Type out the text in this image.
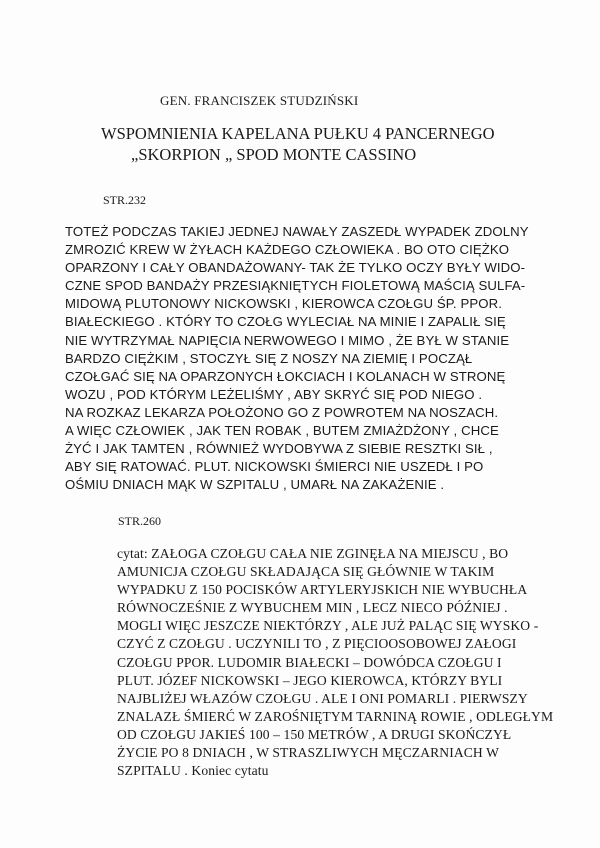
GEN. FRANCISZEK STUDZIŃSKI
WSPOMNIENIA KAPELANA PUŁKU 4 PANCERNEGO
„SKORPION „ SPOD MONTE CASSINO
STR.232
TOTEŻ PODCZAS TAKIEJ JEDNEJ NAWAŁY ZASZEDŁ WYPADEK ZDOLNY
ZMROZIĆ KREW W ŻYŁACH KAŻDEGO CZŁOWIEKA . BO OTO CIĘŻKO
OPARZONY I CAŁY OBANDAŻOWANY- TAK ŻE TYLKO OCZY BYŁY WIDO-
CZNE SPOD BANDAŻY PRZESIĄKNIĘTYCH FIOLETOWĄ MAŚCIĄ SULFA-
MIDOWĄ PLUTONOWY NICKOWSKI , KIEROWCA CZOŁGU ŚP. PPOR.
BIAŁECKIEGO . KTÓRY TO CZOŁG WYLECIAŁ NA MINIE I ZAPALIŁ SIĘ
NIE WYTRZYMAŁ NAPIĘCIA NERWOWEGO I MIMO , ŻE BYŁ W STANIE
BARDZO CIĘŻKIM , STOCZYŁ SIĘ Z NOSZY NA ZIEMIĘ I POCZĄŁ
CZOŁGAĆ SIĘ NA OPARZONYCH ŁOKCIACH I KOLANACH W STRONĘ
WOZU , POD KTÓRYM LEŻELIŚMY , ABY SKRYĆ SIĘ POD NIEGO .
NA ROZKAZ LEKARZA POŁOŻONO GO Z POWROTEM NA NOSZACH.
A WIĘC CZŁOWIEK , JAK TEN ROBAK , BUTEM ZMIAŻDŻONY , CHCE
ŻYĆ I JAK TAMTEN , RÓWNIEŻ WYDOBYWA Z SIEBIE RESZTKI SIŁ ,
ABY SIĘ RATOWAĆ. PLUT. NICKOWSKI ŚMIERCI NIE USZEDŁ I PO
OŚMIU DNIACH MĄK W SZPITALU , UMARŁ NA ZAKAŻENIE .
STR.260
cytat: ZAŁOGA CZOŁGU CAŁA NIE ZGINĘŁA NA MIEJSCU , BO
AMUNICJA CZOŁGU SKŁADAJĄCA SIĘ GŁÓWNIE W TAKIM
WYPADKU Z 150 POCISKÓW ARTYLERYJSKICH NIE WYBUCHŁA
RÓWNOCZEŚNIE Z WYBUCHEM MIN , LECZ NIECO PÓŹNIEJ .
MOGLI WIĘC JESZCZE NIEKTÓRZY , ALE JUŻ PALĄC SIĘ WYSKO -
CZYĆ Z CZOŁGU . UCZYNILI TO , Z PIĘCIOOSOBOWEJ ZAŁOGI
CZOŁGU PPOR. LUDOMIR BIAŁECKI – DOWÓDCA CZOŁGU I
PLUT. JÓZEF NICKOWSKI – JEGO KIEROWCA, KTÓRZY BYLI
NAJBLIŻEJ WŁAZÓW CZOŁGU . ALE I ONI POMARLI . PIERWSZY
ZNALAZŁ ŚMIERĆ W ZAROŚNIĘTYM TARNINĄ ROWIE , ODLEGŁYM
OD CZOŁGU JAKIEŚ 100 – 150 METRÓW , A DRUGI SKOŃCZYŁ
ŻYCIE PO 8 DNIACH , W STRASZLIWYCH MĘCZARNIACH W
SZPITALU . Koniec cytatu
